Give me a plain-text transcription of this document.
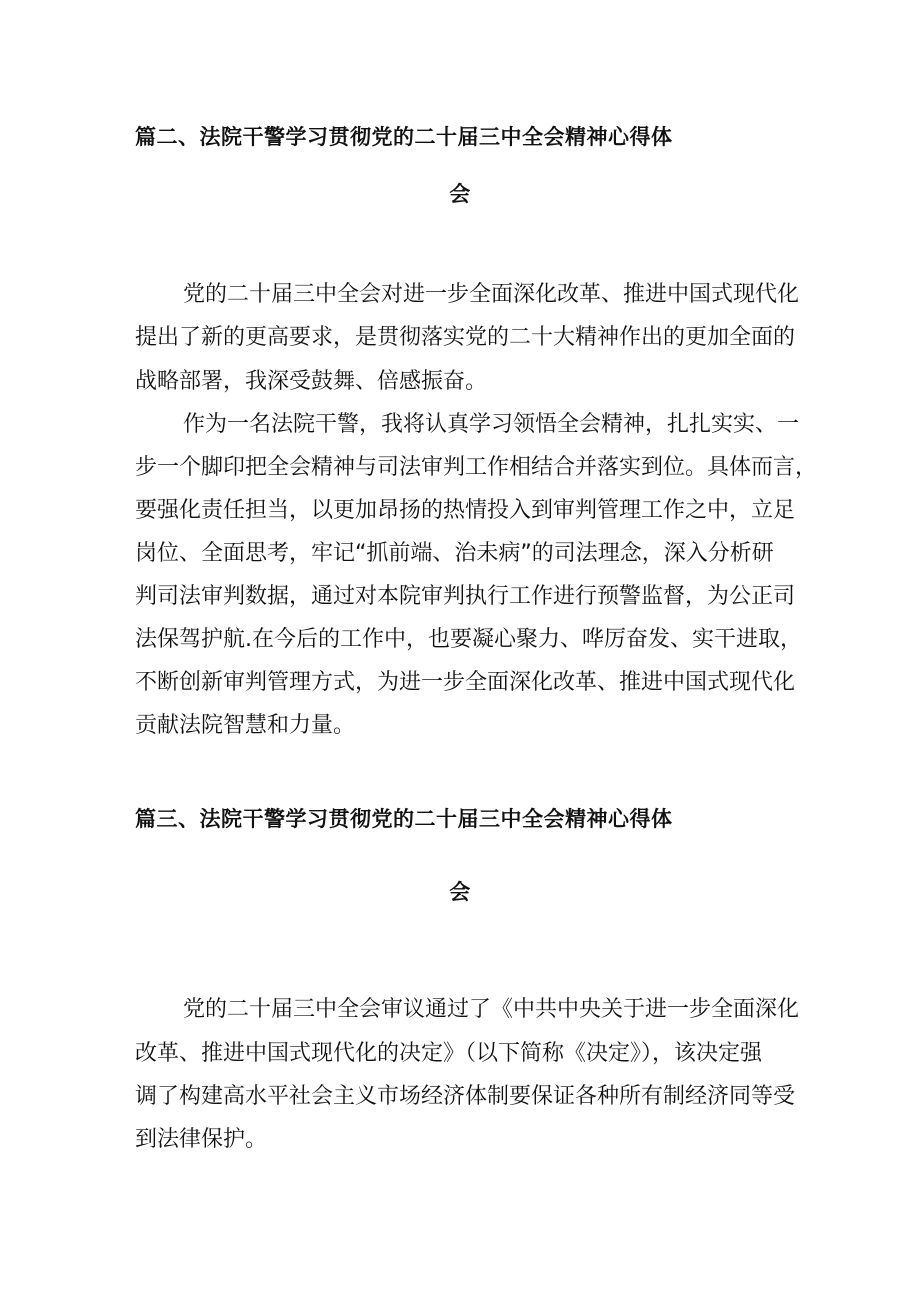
篇二、法院干警学习贯彻党的二十届三中全会精神心得体
会
党的二十届三中全会对进一步全面深化改革、推进中国式现代化
提出了新的更高要求，是贯彻落实党的二十大精神作出的更加全面的
战略部署，我深受鼓舞、倍感振奋。
作为一名法院干警，我将认真学习领悟全会精神，扎扎实实、一
步一个脚印把全会精神与司法审判工作相结合并落实到位。具体而言，
要强化责任担当，以更加昂扬的热情投入到审判管理工作之中，立足
岗位、全面思考，牢记“抓前端、治未病”的司法理念，深入分析研
判司法审判数据，通过对本院审判执行工作进行预警监督，为公正司
法保驾护航.在今后的工作中，也要凝心聚力、哗厉奋发、实干进取，
不断创新审判管理方式，为进一步全面深化改革、推进中国式现代化
贡献法院智慧和力量。
篇三、法院干警学习贯彻党的二十届三中全会精神心得体
会
党的二十届三中全会审议通过了《中共中央关于进一步全面深化
改革、推进中国式现代化的决定》（以下简称《决定》），该决定强
调了构建高水平社会主义市场经济体制要保证各种所有制经济同等受
到法律保护。
